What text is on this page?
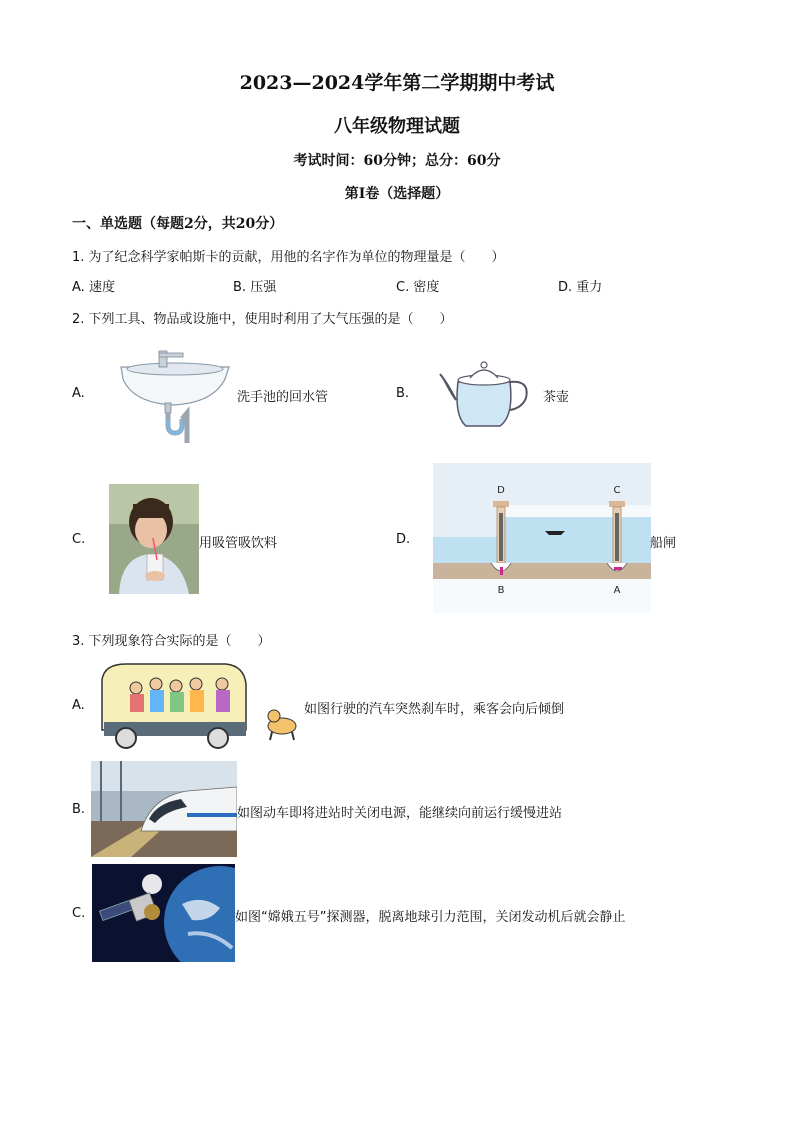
2023—2024学年第二学期期中考试
八年级物理试题
考试时间：60分钟；总分：60分
第Ⅰ卷（选择题）
一、单选题（每题2分，共20分）
1. 为了纪念科学家帕斯卡的贡献，用他的名字作为单位的物理量是（　　）
A. 速度	B. 压强	C. 密度	D. 重力
2. 下列工具、物品或设施中，使用时利用了大气压强的是（　　）
A.	洗手池的回水管	B.	茶壶
C.	用吸管吸饮料	D.
D	C
B	A
船闸
3. 下列现象符合实际的是（　　）
A.	如图行驶的汽车突然刹车时，乘客会向后倾倒
B.	如图动车即将进站时关闭电源，能继续向前运行缓慢进站
C.	如图“嫦娥五号”探测器，脱离地球引力范围，关闭发动机后就会静止
